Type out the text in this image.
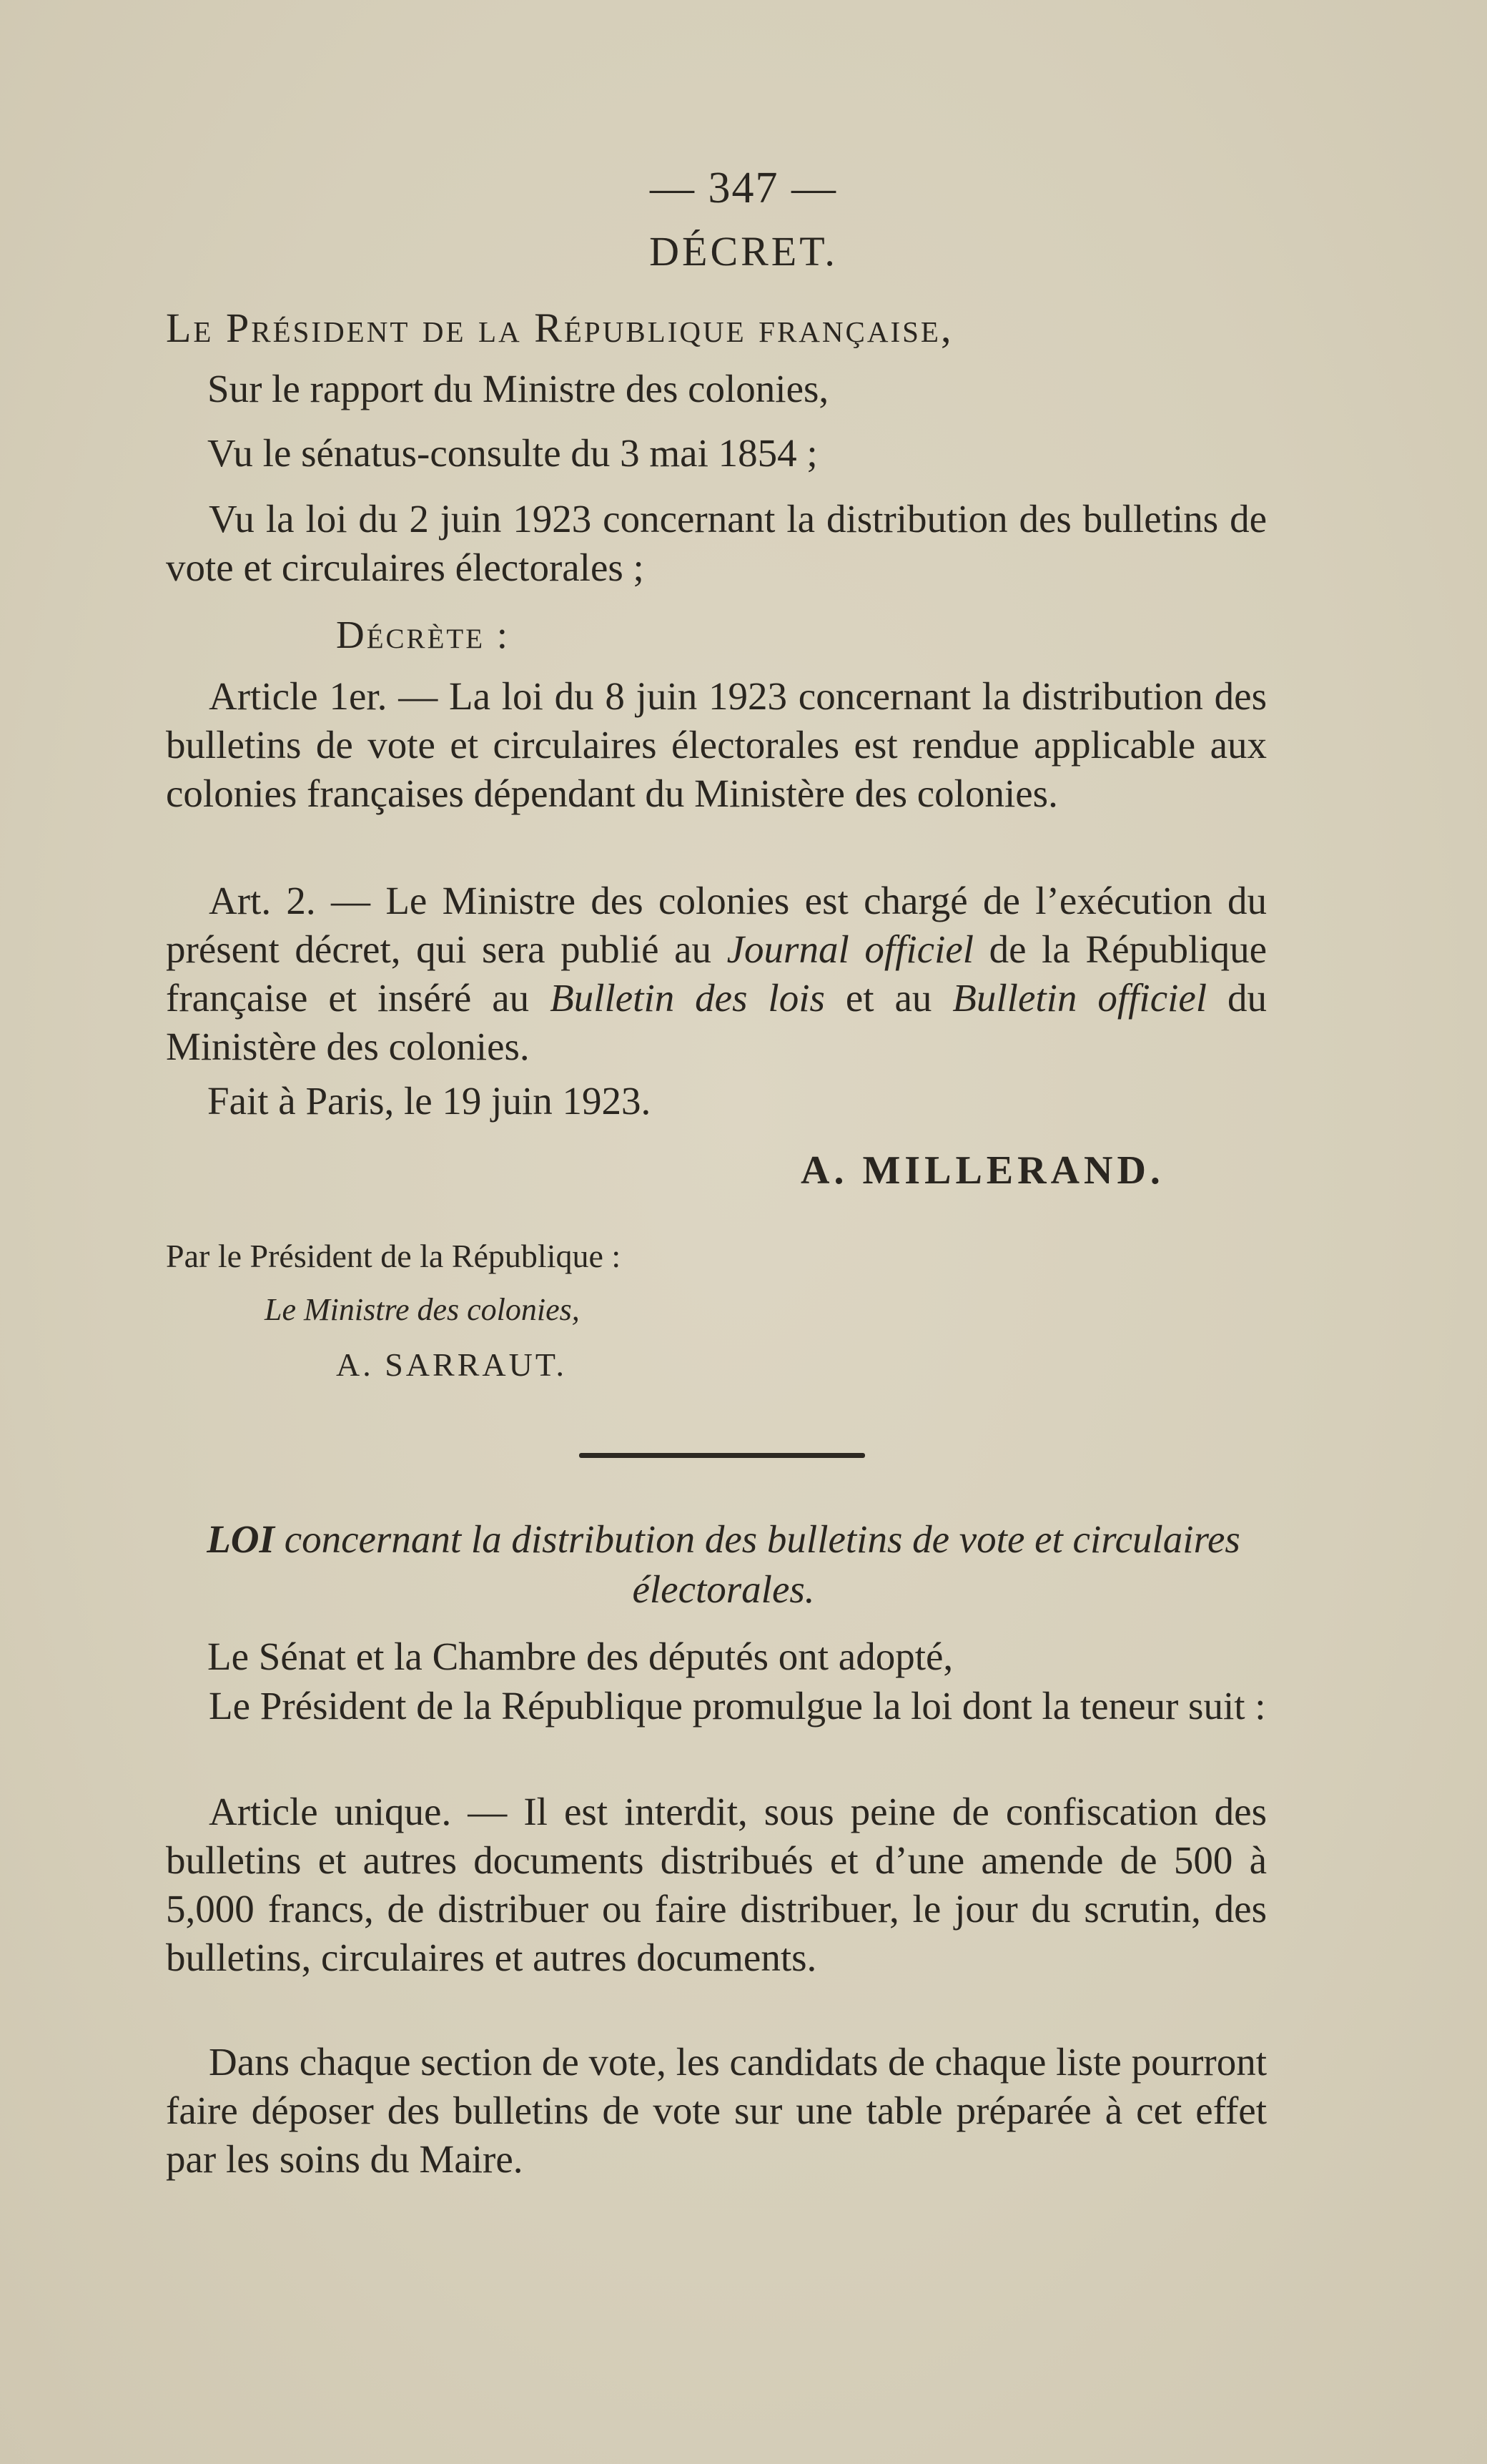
— 347 —
DÉCRET.
Le Président de la République française,
Sur le rapport du Ministre des colonies,
Vu le sénatus-consulte du 3 mai 1854 ;
Vu la loi du 2 juin 1923 concernant la distribution des bulletins de vote et circulaires électorales ;
Décrète :
Article 1er. — La loi du 8 juin 1923 concernant la distribution des bulletins de vote et circulaires électorales est rendue applicable aux colonies françaises dépendant du Ministère des colonies.
Art. 2. — Le Ministre des colonies est chargé de l’exécution du présent décret, qui sera publié au Journal officiel de la République française et inséré au Bulletin des lois et au Bulletin officiel du Ministère des colonies.
Fait à Paris, le 19 juin 1923.
A. MILLERAND.
Par le Président de la République :
Le Ministre des colonies,
A. SARRAUT.
LOI concernant la distribution des bulletins de vote et circulaires électorales.
Le Sénat et la Chambre des députés ont adopté,
Le Président de la République promulgue la loi dont la teneur suit :
Article unique. — Il est interdit, sous peine de confiscation des bulletins et autres documents distribués et d’une amende de 500 à 5,000 francs, de distribuer ou faire distribuer, le jour du scrutin, des bulletins, circulaires et autres documents.
Dans chaque section de vote, les candidats de chaque liste pourront faire déposer des bulletins de vote sur une table préparée à cet effet par les soins du Maire.
